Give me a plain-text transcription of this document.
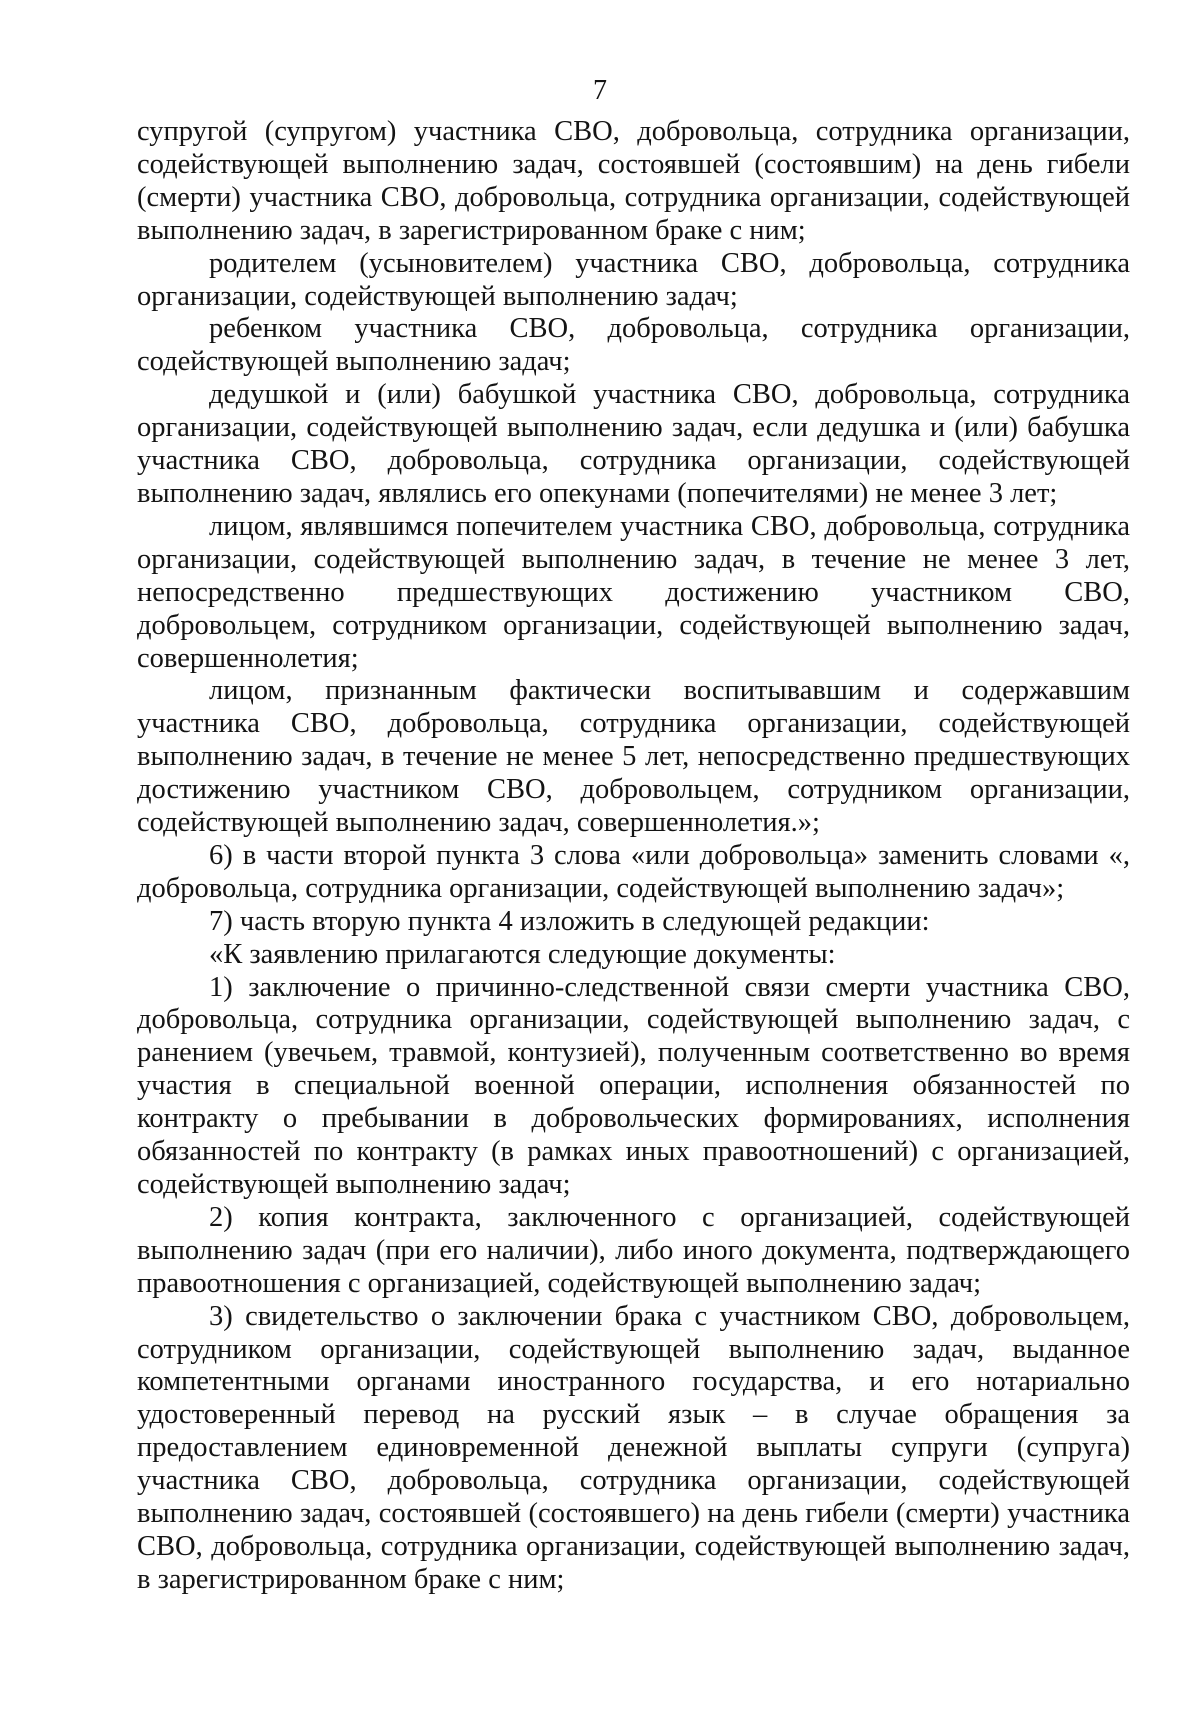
7

супругой (супругом) участника СВО, добровольца, сотрудника организации, содействующей выполнению задач, состоявшей (состоявшим) на день гибели (смерти) участника СВО, добровольца, сотрудника организации, содействующей выполнению задач, в зарегистрированном браке с ним;

родителем (усыновителем) участника СВО, добровольца, сотрудника организации, содействующей выполнению задач;

ребенком участника СВО, добровольца, сотрудника организации, содействующей выполнению задач;

дедушкой и (или) бабушкой участника СВО, добровольца, сотрудника организации, содействующей выполнению задач, если дедушка и (или) бабушка участника СВО, добровольца, сотрудника организации, содействующей выполнению задач, являлись его опекунами (попечителями) не менее 3 лет;

лицом, являвшимся попечителем участника СВО, добровольца, сотрудника организации, содействующей выполнению задач, в течение не менее 3 лет, непосредственно предшествующих достижению участником СВО, добровольцем, сотрудником организации, содействующей выполнению задач, совершеннолетия;

лицом, признанным фактически воспитывавшим и содержавшим участника СВО, добровольца, сотрудника организации, содействующей выполнению задач, в течение не менее 5 лет, непосредственно предшествующих достижению участником СВО, добровольцем, сотрудником организации, содействующей выполнению задач, совершеннолетия.»;

6) в части второй пункта 3 слова «или добровольца» заменить словами «, добровольца, сотрудника организации, содействующей выполнению задач»;

7) часть вторую пункта 4 изложить в следующей редакции:

«К заявлению прилагаются следующие документы:

1) заключение о причинно-следственной связи смерти участника СВО, добровольца, сотрудника организации, содействующей выполнению задач, с ранением (увечьем, травмой, контузией), полученным соответственно во время участия в специальной военной операции, исполнения обязанностей по контракту о пребывании в добровольческих формированиях, исполнения обязанностей по контракту (в рамках иных правоотношений) с организацией, содействующей выполнению задач;

2) копия контракта, заключенного с организацией, содействующей выполнению задач (при его наличии), либо иного документа, подтверждающего правоотношения с организацией, содействующей выполнению задач;

3) свидетельство о заключении брака с участником СВО, добровольцем, сотрудником организации, содействующей выполнению задач, выданное компетентными органами иностранного государства, и его нотариально удостоверенный перевод на русский язык – в случае обращения за предоставлением единовременной денежной выплаты супруги (супруга) участника СВО, добровольца, сотрудника организации, содействующей выполнению задач, состоявшей (состоявшего) на день гибели (смерти) участника СВО, добровольца, сотрудника организации, содействующей выполнению задач, в зарегистрированном браке с ним;
